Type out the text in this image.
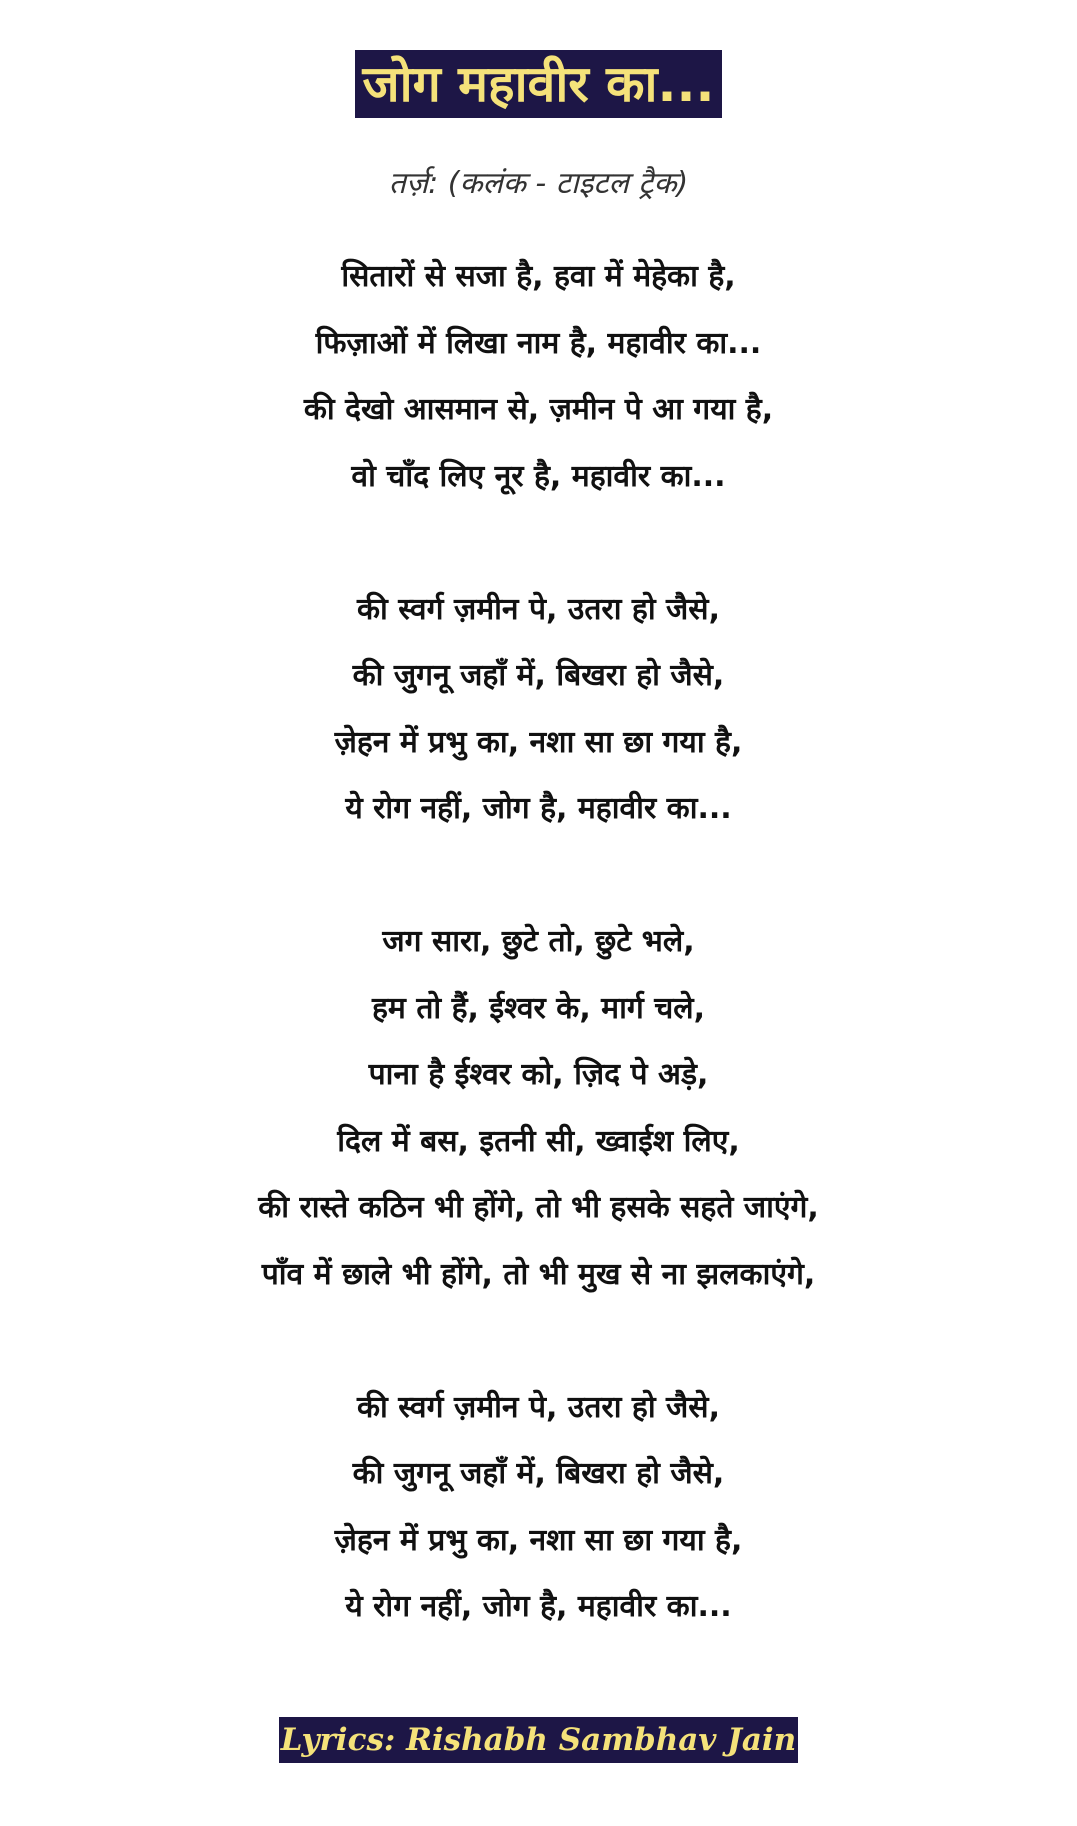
जोग महावीर का...
तर्ज़: (कलंक - टाइटल ट्रैक)
सितारों से सजा है, हवा में मेहेका है,
फिज़ाओं में लिखा नाम है, महावीर का...
की देखो आसमान से, ज़मीन पे आ गया है,
वो चाँद लिए नूर है, महावीर का...
की स्वर्ग ज़मीन पे, उतरा हो जैसे,
की जुगनू जहाँ में, बिखरा हो जैसे,
ज़ेहन में प्रभु का, नशा सा छा गया है,
ये रोग नहीं, जोग है, महावीर का...
जग सारा, छुटे तो, छुटे भले,
हम तो हैं, ईश्वर के, मार्ग चले,
पाना है ईश्वर को, ज़िद पे अड़े,
दिल में बस, इतनी सी, ख्वाईश लिए,
की रास्ते कठिन भी होंगे, तो भी हसके सहते जाएंगे,
पाँव में छाले भी होंगे, तो भी मुख से ना झलकाएंगे,
की स्वर्ग ज़मीन पे, उतरा हो जैसे,
की जुगनू जहाँ में, बिखरा हो जैसे,
ज़ेहन में प्रभु का, नशा सा छा गया है,
ये रोग नहीं, जोग है, महावीर का...
Lyrics: Rishabh Sambhav Jain
